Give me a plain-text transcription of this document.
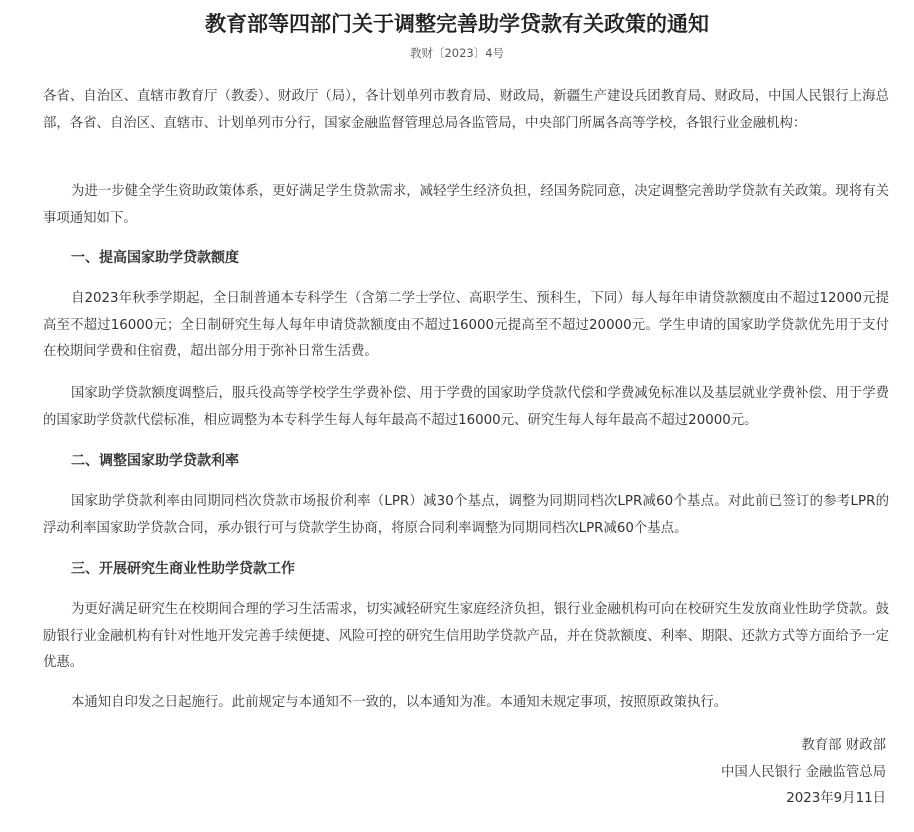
教育部等四部门关于调整完善助学贷款有关政策的通知
教财〔2023〕4号

各省、自治区、直辖市教育厅（教委）、财政厅（局），各计划单列市教育局、财政局，新疆生产建设兵团教育局、财政局，中国人民银行上海总部，各省、自治区、直辖市、计划单列市分行，国家金融监督管理总局各监管局，中央部门所属各高等学校，各银行业金融机构：

为进一步健全学生资助政策体系，更好满足学生贷款需求，减轻学生经济负担，经国务院同意，决定调整完善助学贷款有关政策。现将有关事项通知如下。

一、提高国家助学贷款额度

自2023年秋季学期起，全日制普通本专科学生（含第二学士学位、高职学生、预科生，下同）每人每年申请贷款额度由不超过12000元提高至不超过16000元；全日制研究生每人每年申请贷款额度由不超过16000元提高至不超过20000元。学生申请的国家助学贷款优先用于支付在校期间学费和住宿费，超出部分用于弥补日常生活费。

国家助学贷款额度调整后，服兵役高等学校学生学费补偿、用于学费的国家助学贷款代偿和学费减免标准以及基层就业学费补偿、用于学费的国家助学贷款代偿标准，相应调整为本专科学生每人每年最高不超过16000元、研究生每人每年最高不超过20000元。

二、调整国家助学贷款利率

国家助学贷款利率由同期同档次贷款市场报价利率（LPR）减30个基点，调整为同期同档次LPR减60个基点。对此前已签订的参考LPR的浮动利率国家助学贷款合同，承办银行可与贷款学生协商，将原合同利率调整为同期同档次LPR减60个基点。

三、开展研究生商业性助学贷款工作

为更好满足研究生在校期间合理的学习生活需求，切实减轻研究生家庭经济负担，银行业金融机构可向在校研究生发放商业性助学贷款。鼓励银行业金融机构有针对性地开发完善手续便捷、风险可控的研究生信用助学贷款产品，并在贷款额度、利率、期限、还款方式等方面给予一定优惠。

本通知自印发之日起施行。此前规定与本通知不一致的，以本通知为准。本通知未规定事项，按照原政策执行。

教育部 财政部
中国人民银行 金融监管总局
2023年9月11日
